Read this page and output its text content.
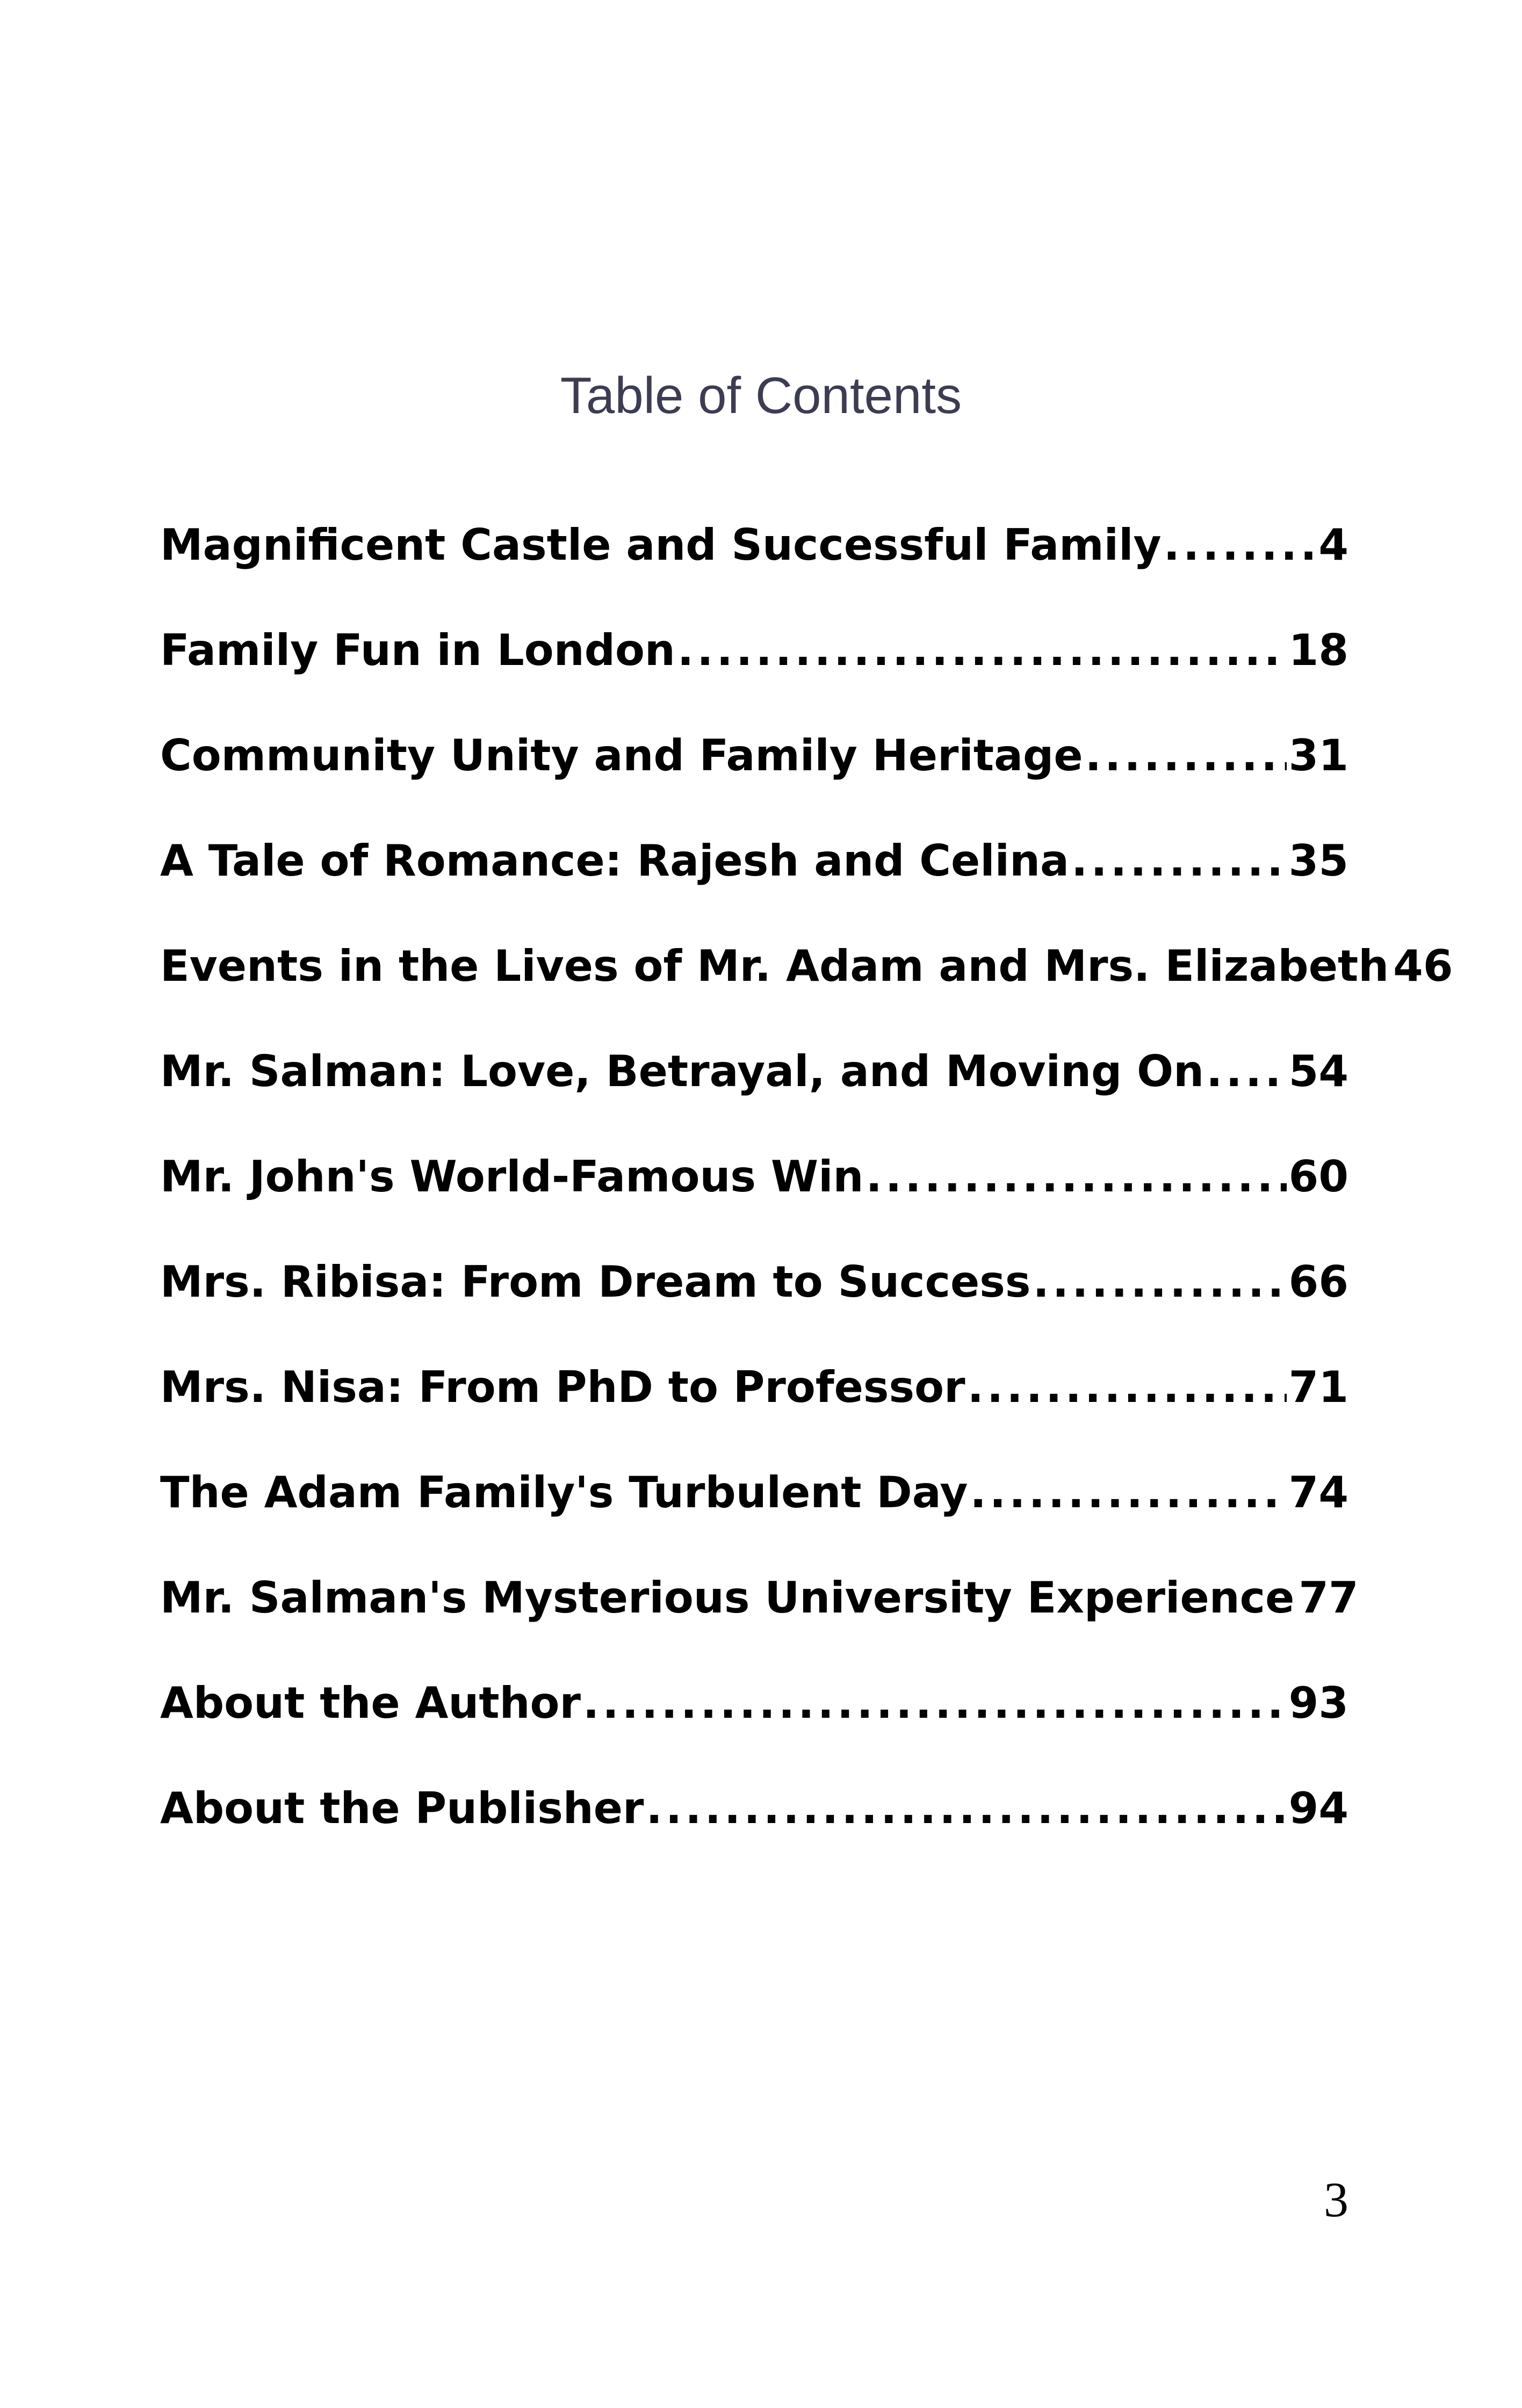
Table of Contents
Magnificent Castle and Successful Family .....	4
Family Fun in London .....	18
Community Unity and Family Heritage .....	31
A Tale of Romance: Rajesh and Celina .....	35
Events in the Lives of Mr. Adam and Mrs. Elizabeth 46
Mr. Salman: Love, Betrayal, and Moving On ..... 54
Mr. John's World-Famous Win .....	60
Mrs. Ribisa: From Dream to Success .....	66
Mrs. Nisa: From PhD to Professor .....	71
The Adam Family's Turbulent Day .....	74
Mr. Salman's Mysterious University Experience 77
About the Author .....	93
About the Publisher .....	94
3
